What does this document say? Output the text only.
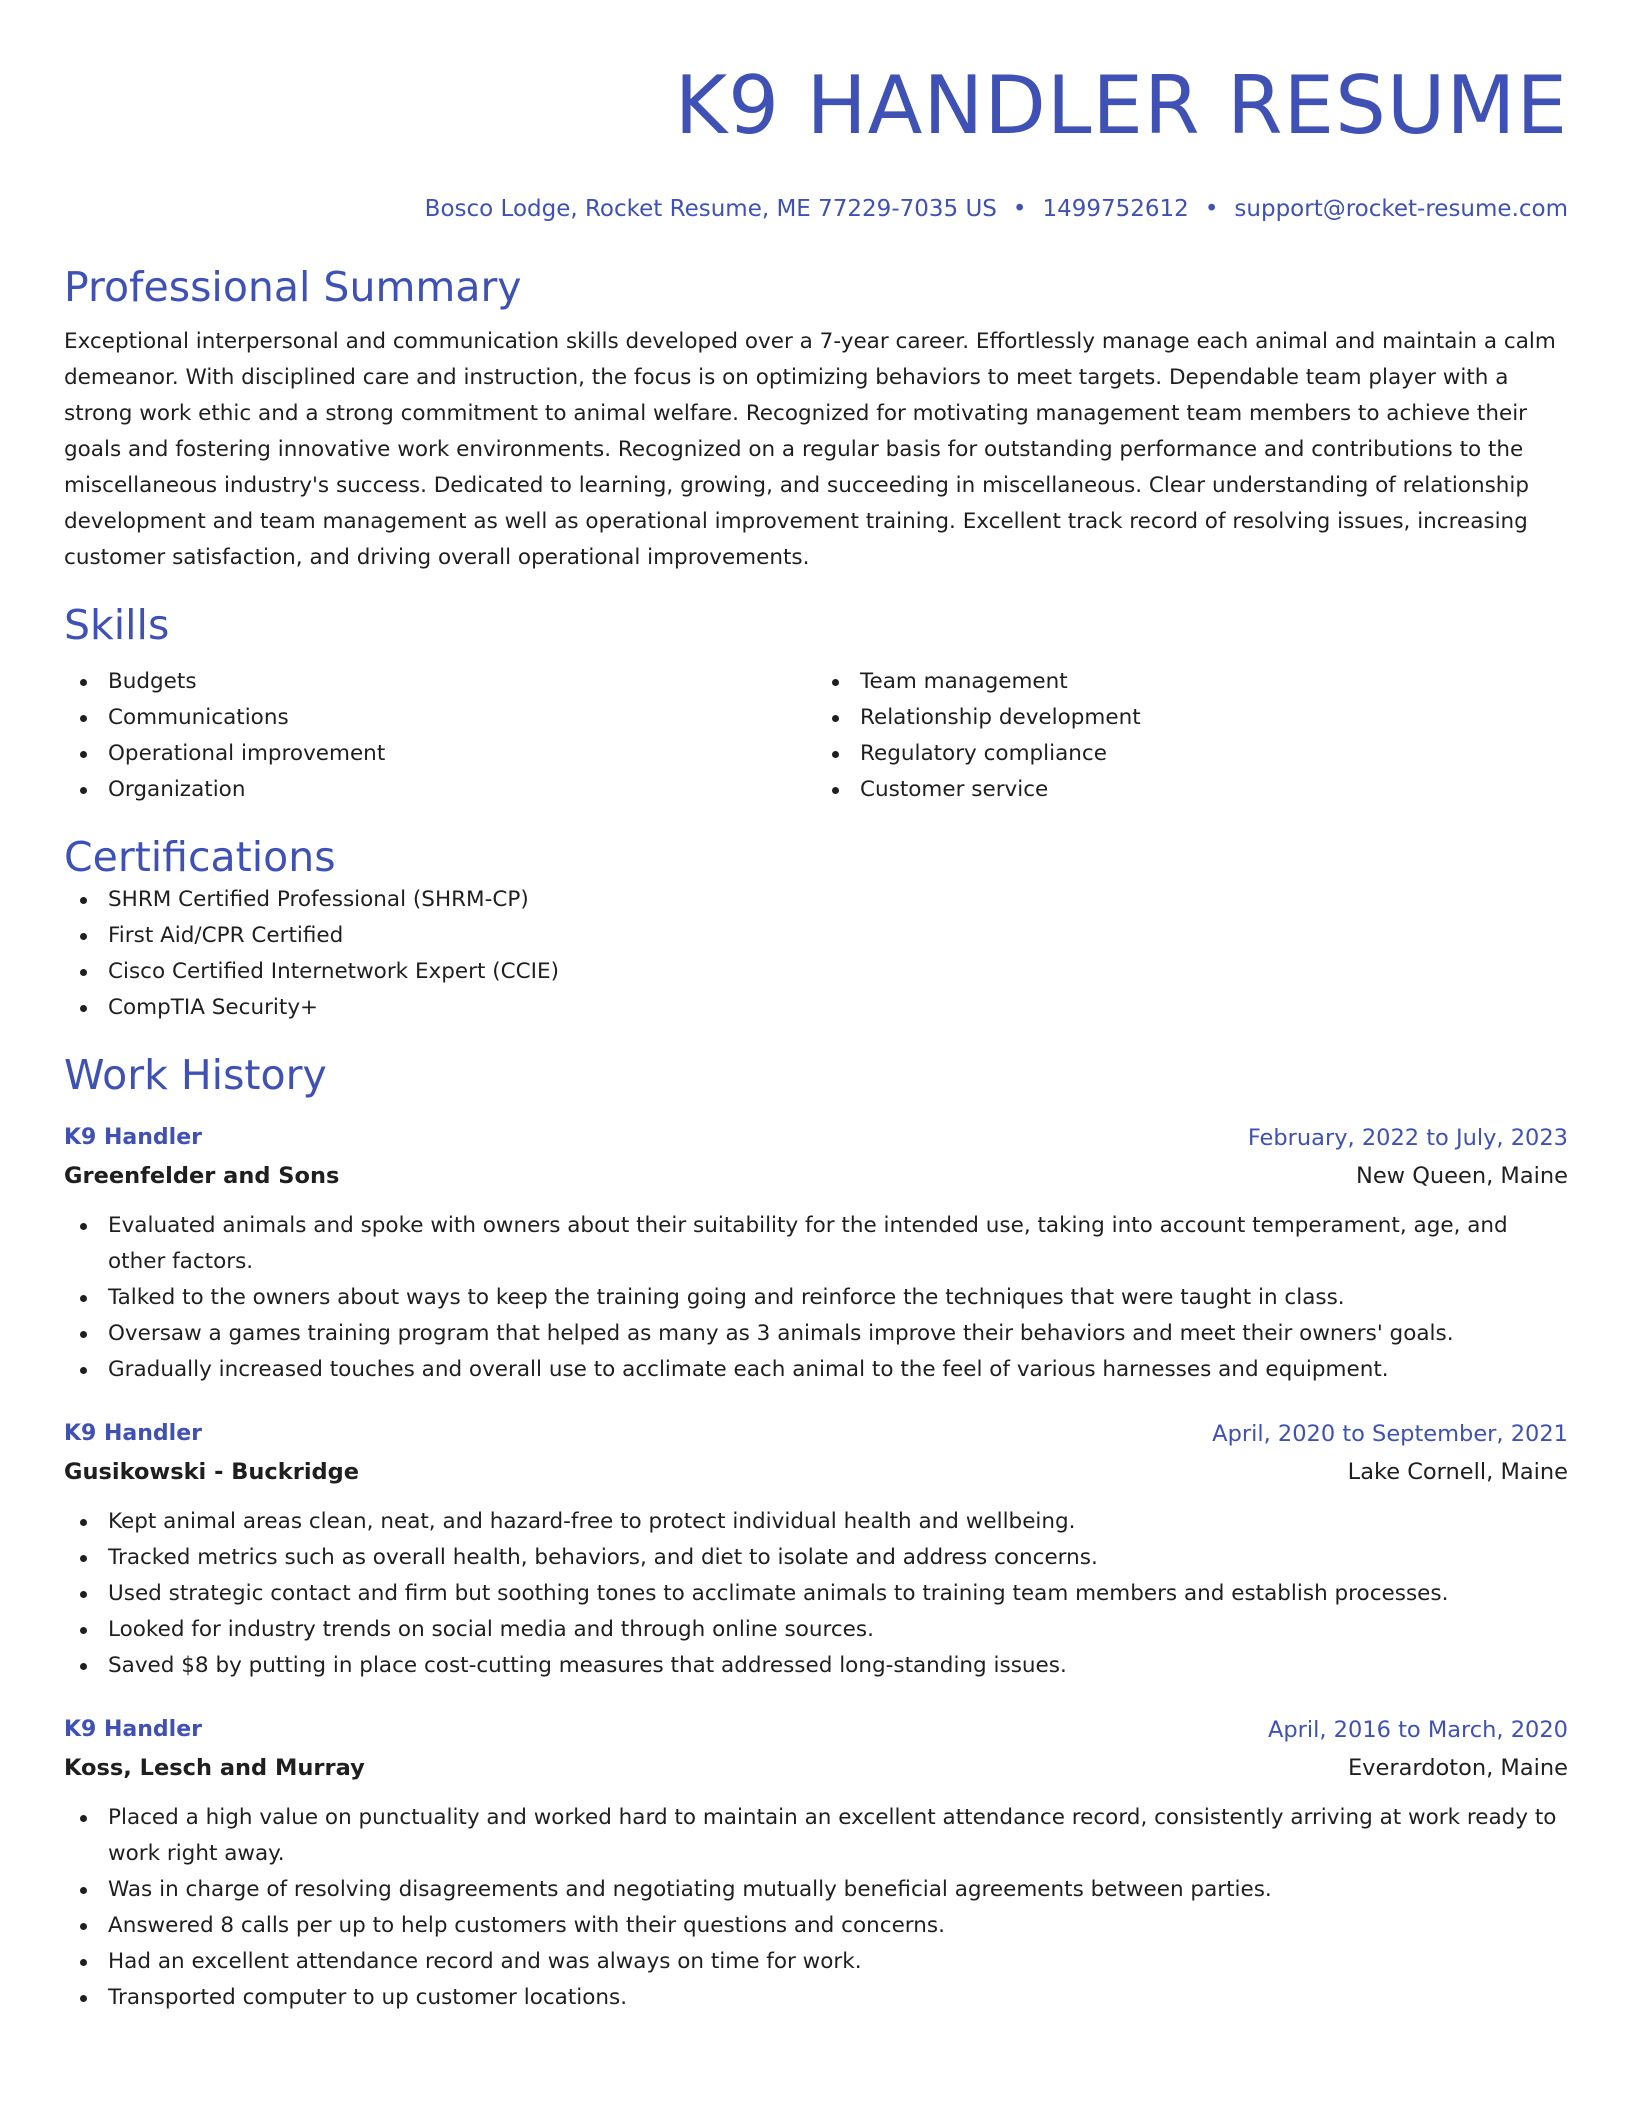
K9 HANDLER RESUME
Bosco Lodge, Rocket Resume, ME 77229-7035 US • 1499752612 • support@rocket-resume.com
Professional Summary

Exceptional interpersonal and communication skills developed over a 7-year career. Effortlessly manage each animal and maintain a calm demeanor. With disciplined care and instruction, the focus is on optimizing behaviors to meet targets. Dependable team player with a strong work ethic and a strong commitment to animal welfare. Recognized for motivating management team members to achieve their goals and fostering innovative work environments. Recognized on a regular basis for outstanding performance and contributions to the miscellaneous industry's success. Dedicated to learning, growing, and succeeding in miscellaneous. Clear understanding of relationship development and team management as well as operational improvement training. Excellent track record of resolving issues, increasing customer satisfaction, and driving overall operational improvements.

Skills
Budgets
Communications
Operational improvement
Organization
Team management
Relationship development
Regulatory compliance
Customer service
Certifications
SHRM Certified Professional (SHRM-CP)
First Aid/CPR Certified
Cisco Certified Internetwork Expert (CCIE)
CompTIA Security+
Work History
K9 Handler	February, 2022 to July, 2023
Greenfelder and Sons	New Queen, Maine
Evaluated animals and spoke with owners about their suitability for the intended use, taking into account temperament, age, and other factors.
Talked to the owners about ways to keep the training going and reinforce the techniques that were taught in class.
Oversaw a games training program that helped as many as 3 animals improve their behaviors and meet their owners' goals.
Gradually increased touches and overall use to acclimate each animal to the feel of various harnesses and equipment.
K9 Handler	April, 2020 to September, 2021
Gusikowski - Buckridge	Lake Cornell, Maine
Kept animal areas clean, neat, and hazard-free to protect individual health and wellbeing.
Tracked metrics such as overall health, behaviors, and diet to isolate and address concerns.
Used strategic contact and firm but soothing tones to acclimate animals to training team members and establish processes.
Looked for industry trends on social media and through online sources.
Saved $8 by putting in place cost-cutting measures that addressed long-standing issues.
K9 Handler	April, 2016 to March, 2020
Koss, Lesch and Murray	Everardoton, Maine
Placed a high value on punctuality and worked hard to maintain an excellent attendance record, consistently arriving at work ready to work right away.
Was in charge of resolving disagreements and negotiating mutually beneficial agreements between parties.
Answered 8 calls per up to help customers with their questions and concerns.
Had an excellent attendance record and was always on time for work.
Transported computer to up customer locations.
